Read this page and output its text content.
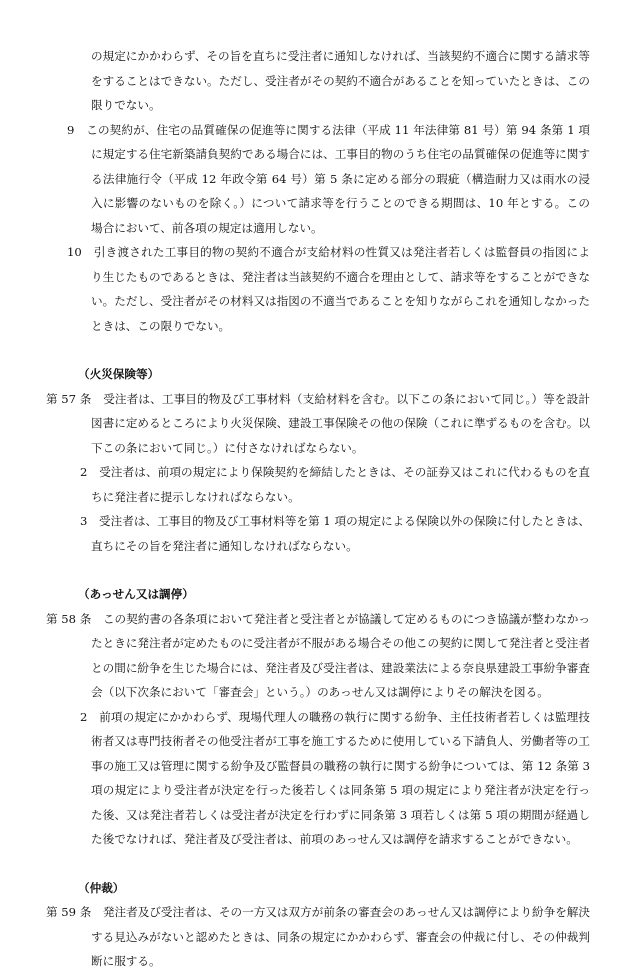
の規定にかかわらず、その旨を直ちに受注者に通知しなければ、当該契約不適合に関する請求等をすることはできない。ただし、受注者がその契約不適合があることを知っていたときは、この限りでない。
9　 この契約が、住宅の品質確保の促進等に関する法律（平成 11 年法律第 81 号）第 94 条第 1 項に規定する住宅新築請負契約である場合には、工事目的物のうち住宅の品質確保の促進等に関する法律施行令（平成 12 年政令第 64 号）第 5 条に定める部分の瑕疵（構造耐力又は雨水の浸入に影響のないものを除く。）について請求等を行うことのできる期間は、10 年とする。この場合において、前各項の規定は適用しない。
10　 引き渡された工事目的物の契約不適合が支給材料の性質又は発注者若しくは監督員の指図により生じたものであるときは、発注者は当該契約不適合を理由として、請求等をすることができない。ただし、受注者がその材料又は指図の不適当であることを知りながらこれを通知しなかったときは、この限りでない。
（火災保険等）
第 57 条　 受注者は、工事目的物及び工事材料（支給材料を含む。以下この条において同じ。）等を設計図書に定めるところにより火災保険、建設工事保険その他の保険（これに準ずるものを含む。以下この条において同じ。）に付さなければならない。
2　 受注者は、前項の規定により保険契約を締結したときは、その証券又はこれに代わるものを直ちに発注者に提示しなければならない。
3　 受注者は、工事目的物及び工事材料等を第 1 項の規定による保険以外の保険に付したときは、直ちにその旨を発注者に通知しなければならない。
（あっせん又は調停）
第 58 条　 この契約書の各条項において発注者と受注者とが協議して定めるものにつき協議が整わなかったときに発注者が定めたものに受注者が不服がある場合その他この契約に関して発注者と受注者との間に紛争を生じた場合には、発注者及び受注者は、建設業法による奈良県建設工事紛争審査会（以下次条において「審査会」という。）のあっせん又は調停によりその解決を図る。
2　 前項の規定にかかわらず、現場代理人の職務の執行に関する紛争、主任技術者若しくは監理技術者又は専門技術者その他受注者が工事を施工するために使用している下請負人、労働者等の工事の施工又は管理に関する紛争及び監督員の職務の執行に関する紛争については、第 12 条第 3 項の規定により受注者が決定を行った後若しくは同条第 5 項の規定により発注者が決定を行った後、又は発注者若しくは受注者が決定を行わずに同条第 3 項若しくは第 5 項の期間が経過した後でなければ、発注者及び受注者は、前項のあっせん又は調停を請求することができない。
（仲裁）
第 59 条　 発注者及び受注者は、その一方又は双方が前条の審査会のあっせん又は調停により紛争を解決する見込みがないと認めたときは、同条の規定にかかわらず、審査会の仲裁に付し、その仲裁判断に服する。
